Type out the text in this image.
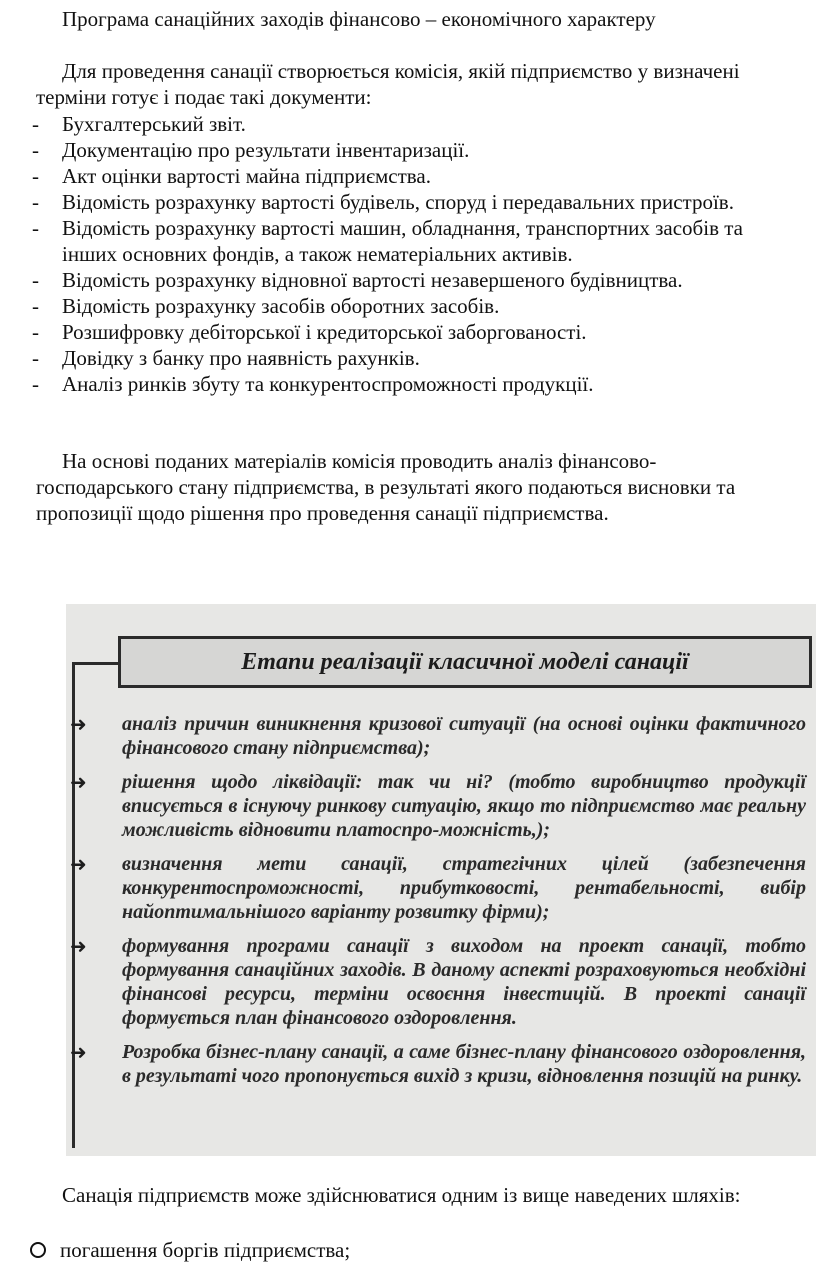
Програма санаційних заходів фінансово – економічного характеру
Для проведення санації створюється комісія, якій підприємство у визначені терміни готує і подає такі документи:
- Бухгалтерський звіт.
- Документацію про результати інвентаризації.
- Акт оцінки вартості майна підприємства.
- Відомість розрахунку вартості будівель, споруд і передавальних пристроїв.
- Відомість розрахунку вартості машин, обладнання, транспортних засобів та інших основних фондів, а також нематеріальних активів.
- Відомість розрахунку відновної вартості незавершеного будівництва.
- Відомість розрахунку засобів оборотних засобів.
- Розшифровку дебіторської і кредиторської заборгованості.
- Довідку з банку про наявність рахунків.
- Аналіз ринків збуту та конкурентоспроможності продукції.
На основі поданих матеріалів комісія проводить аналіз фінансово-господарського стану підприємства, в результаті якого подаються висновки та пропозиції щодо рішення про проведення санації підприємства.
Етапи реалізації класичної моделі санації
➜ аналіз причин виникнення кризової ситуації (на основі оцінки фактичного фінансового стану підприємства);
➜ рішення щодо ліквідації: так чи ні? (тобто виробництво продукції вписується в існуючу ринкову ситуацію, якщо то підприємство має реальну можливість відновити платоспро-можність,);
➜ визначення мети санації, стратегічних цілей (забезпечення конкурентоспроможності, прибутковості, рентабельності, вибір найоптимальнішого варіанту розвитку фірми);
➜ формування програми санації з виходом на проект санації, тобто формування санаційних заходів. В даному аспекті розраховуються необхідні фінансові ресурси, терміни освоєння інвестицій. В проекті санації формується план фінансового оздоровлення.
➜ Розробка бізнес-плану санації, а саме бізнес-плану фінансового оздоровлення, в результаті чого пропонується вихід з кризи, відновлення позицій на ринку.
Санація підприємств може здійснюватися одним із вище наведених шляхів:
погашення боргів підприємства;
